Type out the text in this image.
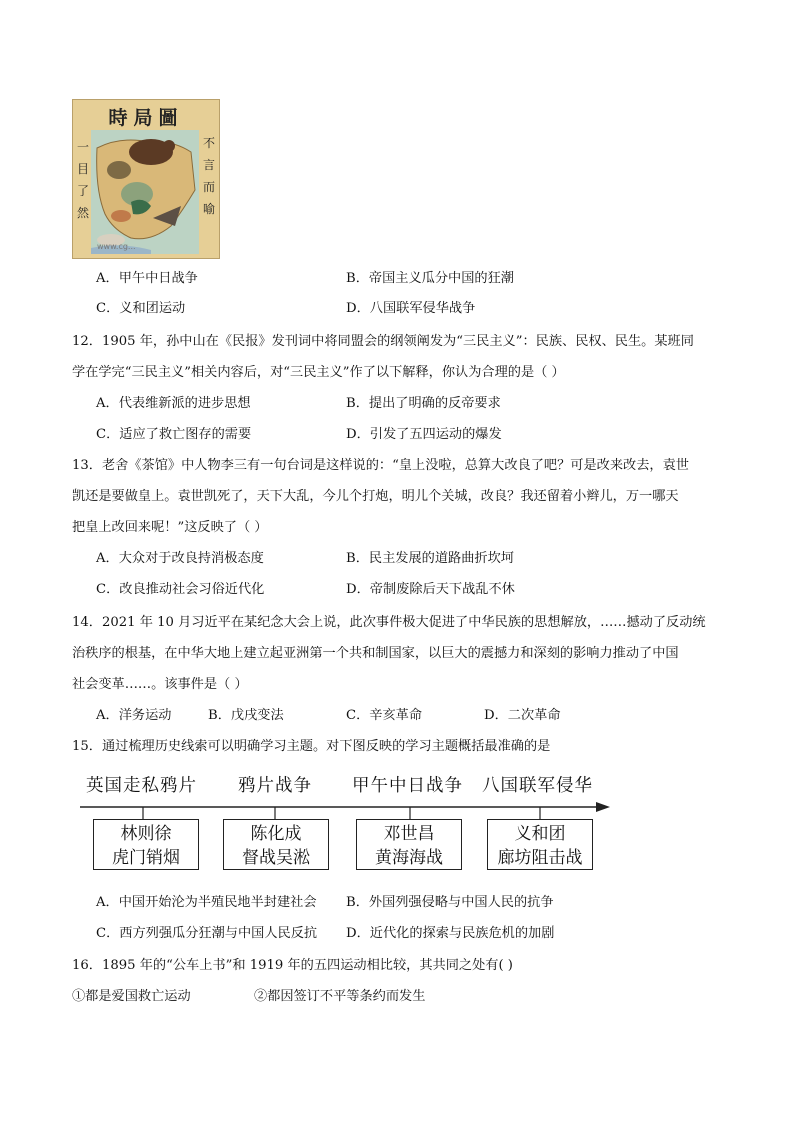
時局圖
一目了然
不言而喻
www.cg...
A．甲午中日战争	B．帝国主义瓜分中国的狂潮
C．义和团运动	D．八国联军侵华战争
12．1905 年，孙中山在《民报》发刊词中将同盟会的纲领阐发为“三民主义”：民族、民权、民生。某班同
学在学完“三民主义”相关内容后，对“三民主义”作了以下解释，你认为合理的是（ ）
A．代表维新派的进步思想	B．提出了明确的反帝要求
C．适应了救亡图存的需要	D．引发了五四运动的爆发
13．老舍《茶馆》中人物李三有一句台词是这样说的：“皇上没啦，总算大改良了吧？可是改来改去，袁世
凯还是要做皇上。袁世凯死了，天下大乱，今儿个打炮，明儿个关城，改良？我还留着小辫儿，万一哪天
把皇上改回来呢！”这反映了（ ）
A．大众对于改良持消极态度	B．民主发展的道路曲折坎坷
C．改良推动社会习俗近代化	D．帝制废除后天下战乱不休
14．2021 年 10 月习近平在某纪念大会上说，此次事件极大促进了中华民族的思想解放，……撼动了反动统
治秩序的根基，在中华大地上建立起亚洲第一个共和制国家，以巨大的震撼力和深刻的影响力推动了中国
社会变革……。该事件是（ ）
A．洋务运动	B．戊戌变法	C．辛亥革命	D．二次革命
15．通过梳理历史线索可以明确学习主题。对下图反映的学习主题概括最准确的是
英国走私鸦片 鸦片战争 甲午中日战争 八国联军侵华
林则徐
虎门销烟
陈化成
督战吴淞
邓世昌
黄海海战
义和团
廊坊阻击战
A．中国开始沦为半殖民地半封建社会 B．外国列强侵略与中国人民的抗争
C．西方列强瓜分狂潮与中国人民反抗 D．近代化的探索与民族危机的加剧
16．1895 年的“公车上书”和 1919 年的五四运动相比较，其共同之处有( )
①都是爱国救亡运动	②都因签订不平等条约而发生
